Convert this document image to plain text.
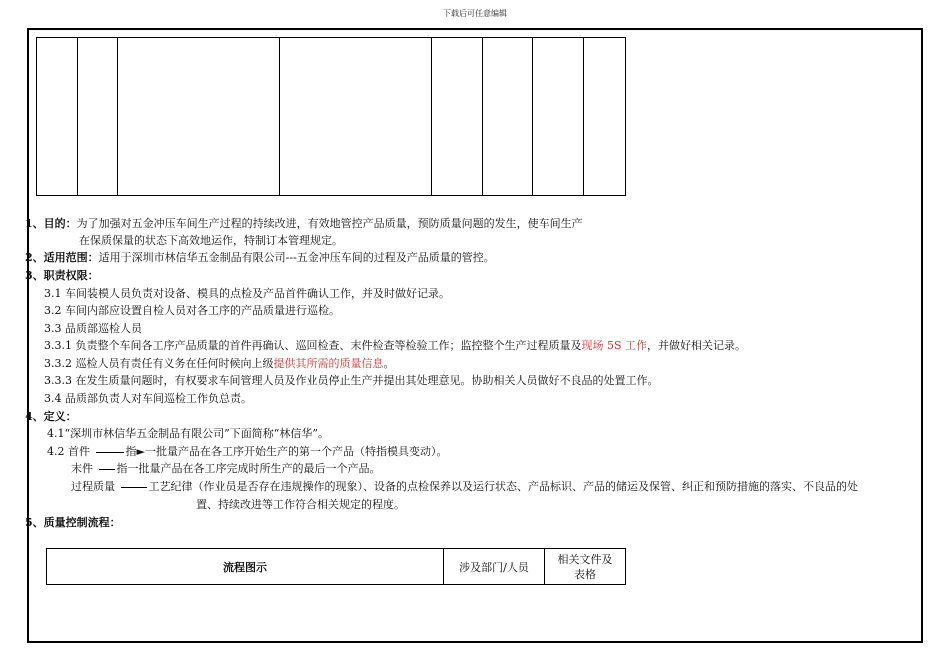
下载后可任意编辑
1、目的：为了加强对五金冲压车间生产过程的持续改进，有效地管控产品质量，预防质量问题的发生，使车间生产
在保质保量的状态下高效地运作，特制订本管理规定。
2、适用范围：适用于深圳市林信华五金制品有限公司---五金冲压车间的过程及产品质量的管控。
3、职责权限：
3.1 车间装模人员负责对设备、模具的点检及产品首件确认工作，并及时做好记录。
3.2 车间内部应设置自检人员对各工序的产品质量进行巡检。
3.3 品质部巡检人员
3.3.1 负责整个车间各工序产品质量的首件再确认、巡回检查、末件检查等检验工作；监控整个生产过程质量及现场 5S 工作，并做好相关记录。
3.3.2 巡检人员有责任有义务在任何时候向上级提供其所需的质量信息。
3.3.3 在发生质量问题时，有权要求车间管理人员及作业员停止生产并提出其处理意见。协助相关人员做好不良品的处置工作。
3.4 品质部负责人对车间巡检工作负总责。
4、定义：
4.1“深圳市林信华五金制品有限公司”下面简称“林信华”。
4.2 首件	指►一批量产品在各工序开始生产的第一个产品（特指模具变动）。
末件 指一批量产品在各工序完成时所生产的最后一个产品。
过程质量	工艺纪律（作业员是否存在违规操作的现象）、设备的点检保养以及运行状态、产品标识、产品的储运及保管、纠正和预防措施的落实、不良品的处
置、持续改进等工作符合相关规定的程度。
5、质量控制流程：
流程图示	涉及部门/人员
相关文件及
表格
